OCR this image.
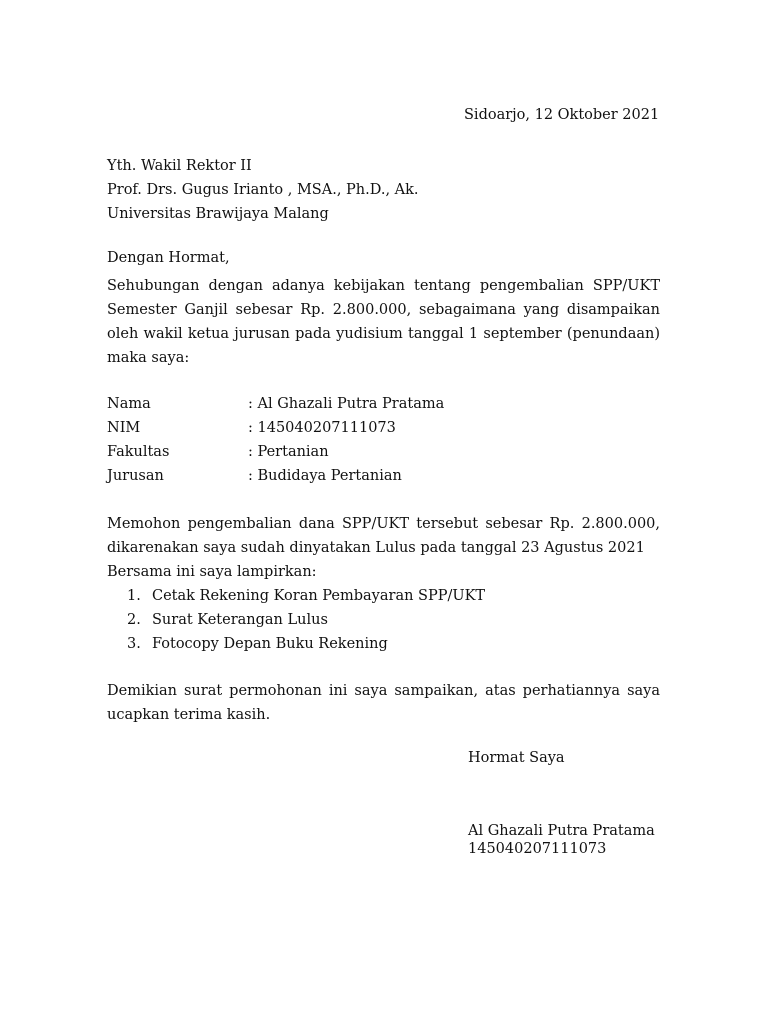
Sidoarjo, 12 Oktober 2021
Yth. Wakil Rektor II
Prof. Drs. Gugus Irianto , MSA., Ph.D., Ak.
Universitas Brawijaya Malang
Dengan Hormat,
Sehubungan dengan adanya kebijakan tentang pengembalian SPP/UKT
Semester Ganjil sebesar Rp. 2.800.000, sebagaimana yang disampaikan
oleh wakil ketua jurusan pada yudisium tanggal 1 september (penundaan)
maka saya:
Nama	: Al Ghazali Putra Pratama
NIM	: 145040207111073
Fakultas	: Pertanian
Jurusan	: Budidaya Pertanian
Memohon pengembalian dana SPP/UKT tersebut sebesar Rp. 2.800.000,
dikarenakan saya sudah dinyatakan Lulus pada tanggal 23 Agustus 2021
Bersama ini saya lampirkan:
1. Cetak Rekening Koran Pembayaran SPP/UKT
2. Surat Keterangan Lulus
3. Fotocopy Depan Buku Rekening
Demikian surat permohonan ini saya sampaikan, atas perhatiannya saya
ucapkan terima kasih.
Hormat Saya
Al Ghazali Putra Pratama
145040207111073
